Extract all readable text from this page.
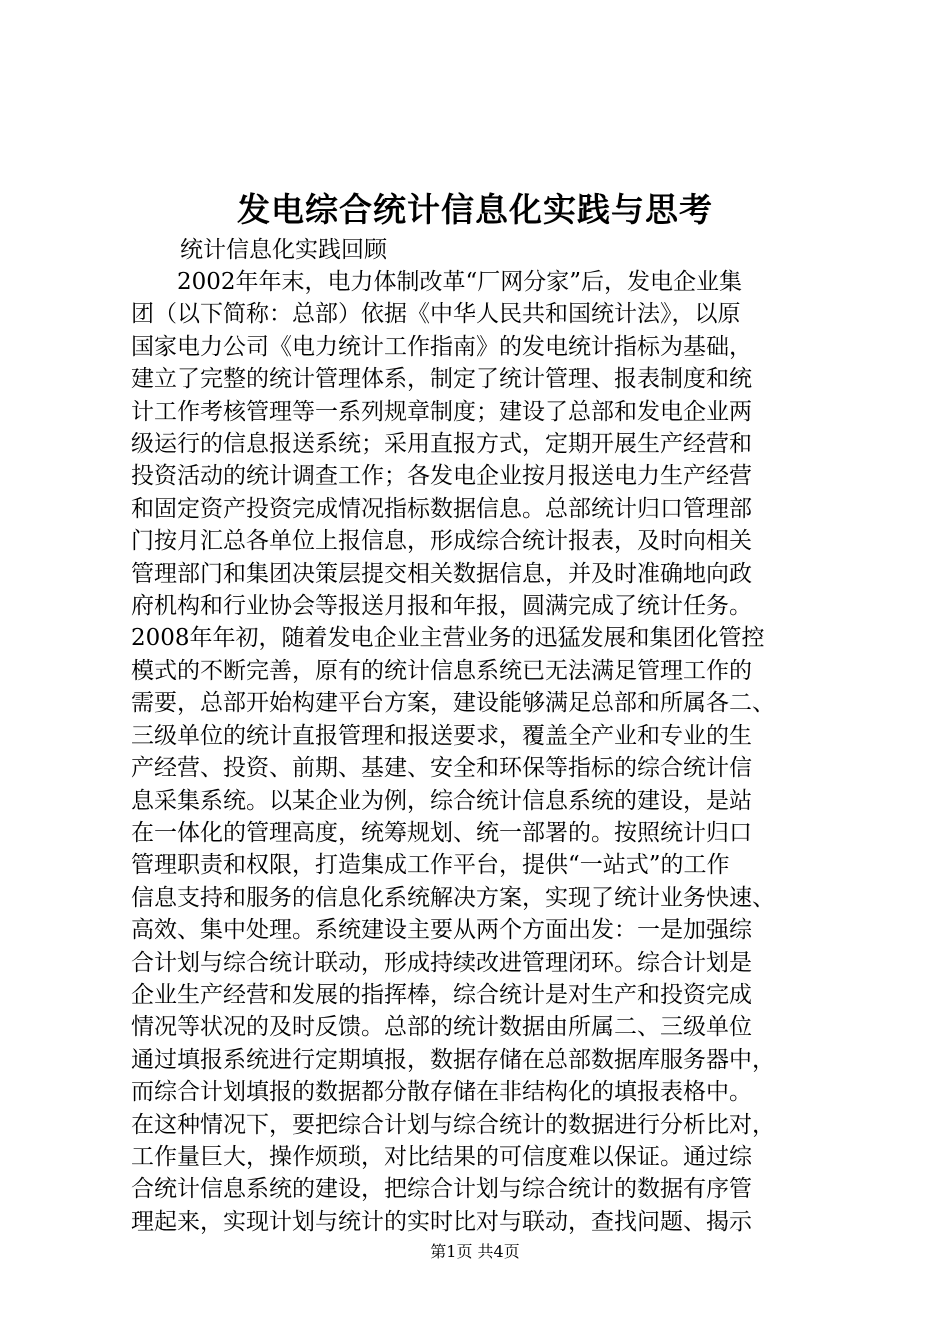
发电综合统计信息化实践与思考
统计信息化实践回顾

2002年年末，电力体制改革“厂网分家”后，发电企业集
团（以下简称：总部）依据《中华人民共和国统计法》，以原
国家电力公司《电力统计工作指南》的发电统计指标为基础，
建立了完整的统计管理体系，制定了统计管理、报表制度和统
计工作考核管理等一系列规章制度；建设了总部和发电企业两
级运行的信息报送系统；采用直报方式，定期开展生产经营和
投资活动的统计调查工作；各发电企业按月报送电力生产经营
和固定资产投资完成情况指标数据信息。总部统计归口管理部
门按月汇总各单位上报信息，形成综合统计报表，及时向相关
管理部门和集团决策层提交相关数据信息，并及时准确地向政
府机构和行业协会等报送月报和年报，圆满完成了统计任务。

2008年年初，随着发电企业主营业务的迅猛发展和集团化管控
模式的不断完善，原有的统计信息系统已无法满足管理工作的
需要，总部开始构建平台方案，建设能够满足总部和所属各二、
三级单位的统计直报管理和报送要求，覆盖全产业和专业的生
产经营、投资、前期、基建、安全和环保等指标的综合统计信
息采集系统。以某企业为例，综合统计信息系统的建设，是站
在一体化的管理高度，统筹规划、统一部署的。按照统计归口
管理职责和权限，打造集成工作平台，提供“一站式”的工作
信息支持和服务的信息化系统解决方案，实现了统计业务快速、
高效、集中处理。系统建设主要从两个方面出发：一是加强综
合计划与综合统计联动，形成持续改进管理闭环。综合计划是
企业生产经营和发展的指挥棒，综合统计是对生产和投资完成
情况等状况的及时反馈。总部的统计数据由所属二、三级单位
通过填报系统进行定期填报，数据存储在总部数据库服务器中，
而综合计划填报的数据都分散存储在非结构化的填报表格中。
在这种情况下，要把综合计划与综合统计的数据进行分析比对，
工作量巨大，操作烦琐，对比结果的可信度难以保证。通过综
合统计信息系统的建设，把综合计划与综合统计的数据有序管
理起来，实现计划与统计的实时比对与联动，查找问题、揭示

第1页 共4页
